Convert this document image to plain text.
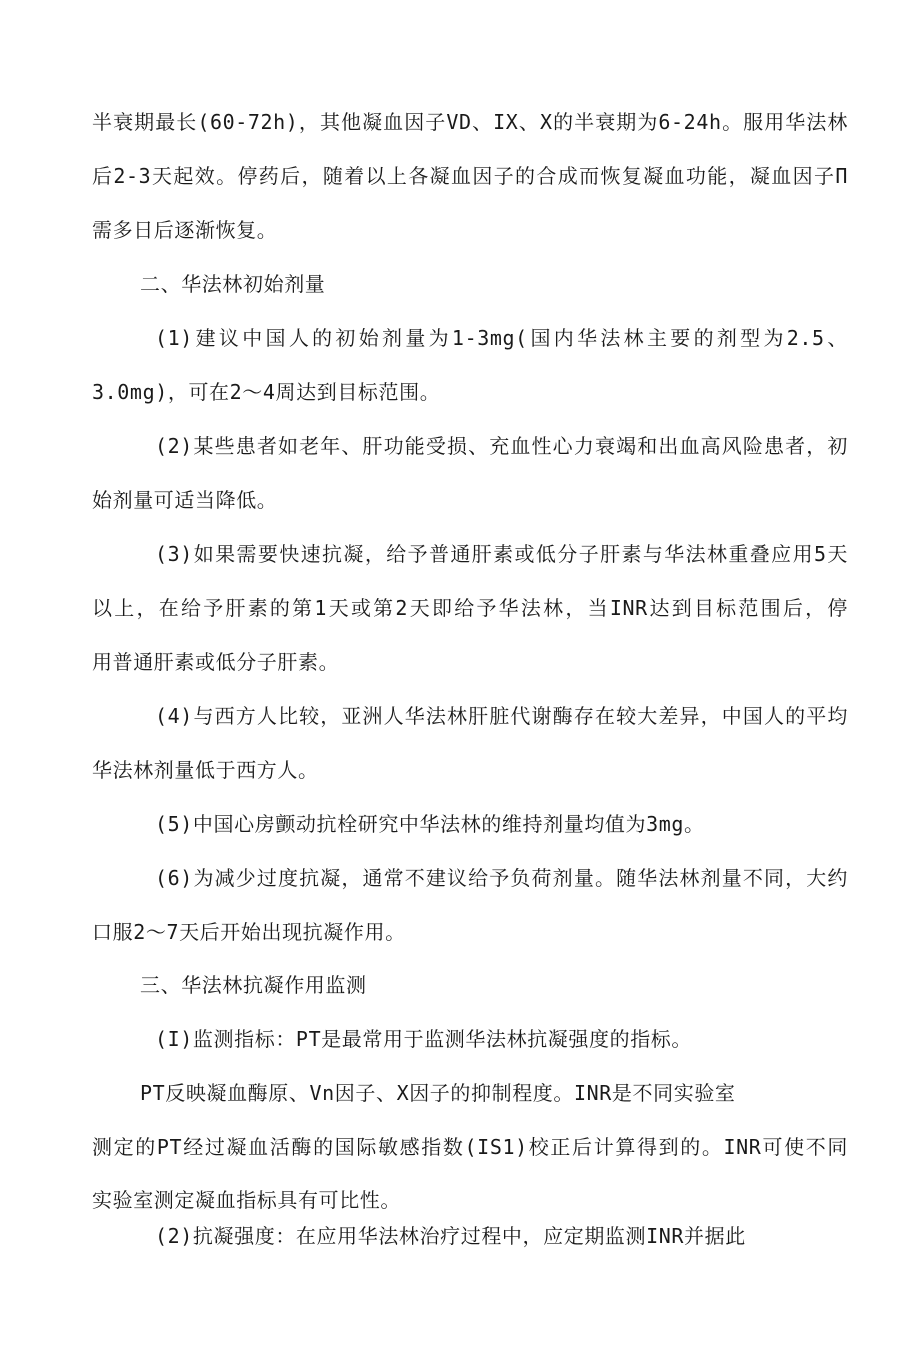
半衰期最长(60-72h)，其他凝血因子VD、IX、X的半衰期为6-24h。服用华法林
后2-3天起效。停药后，随着以上各凝血因子的合成而恢复凝血功能，凝血因子Π
需多日后逐渐恢复。
二、华法林初始剂量
(1)建议中国人的初始剂量为1-3mg(国内华法林主要的剂型为2.5、
3.0mg)，可在2～4周达到目标范围。
(2)某些患者如老年、肝功能受损、充血性心力衰竭和出血高风险患者，初
始剂量可适当降低。
(3)如果需要快速抗凝，给予普通肝素或低分子肝素与华法林重叠应用5天
以上，在给予肝素的第1天或第2天即给予华法林，当INR达到目标范围后，停
用普通肝素或低分子肝素。
(4)与西方人比较，亚洲人华法林肝脏代谢酶存在较大差异，中国人的平均
华法林剂量低于西方人。
(5)中国心房颤动抗栓研究中华法林的维持剂量均值为3mg。
(6)为减少过度抗凝，通常不建议给予负荷剂量。随华法林剂量不同，大约
口服2～7天后开始出现抗凝作用。
三、华法林抗凝作用监测
(I)监测指标：PT是最常用于监测华法林抗凝强度的指标。
PT反映凝血酶原、Vn因子、X因子的抑制程度。INR是不同实验室
测定的PT经过凝血活酶的国际敏感指数(IS1)校正后计算得到的。INR可使不同
实验室测定凝血指标具有可比性。
(2)抗凝强度：在应用华法林治疗过程中，应定期监测INR并据此
